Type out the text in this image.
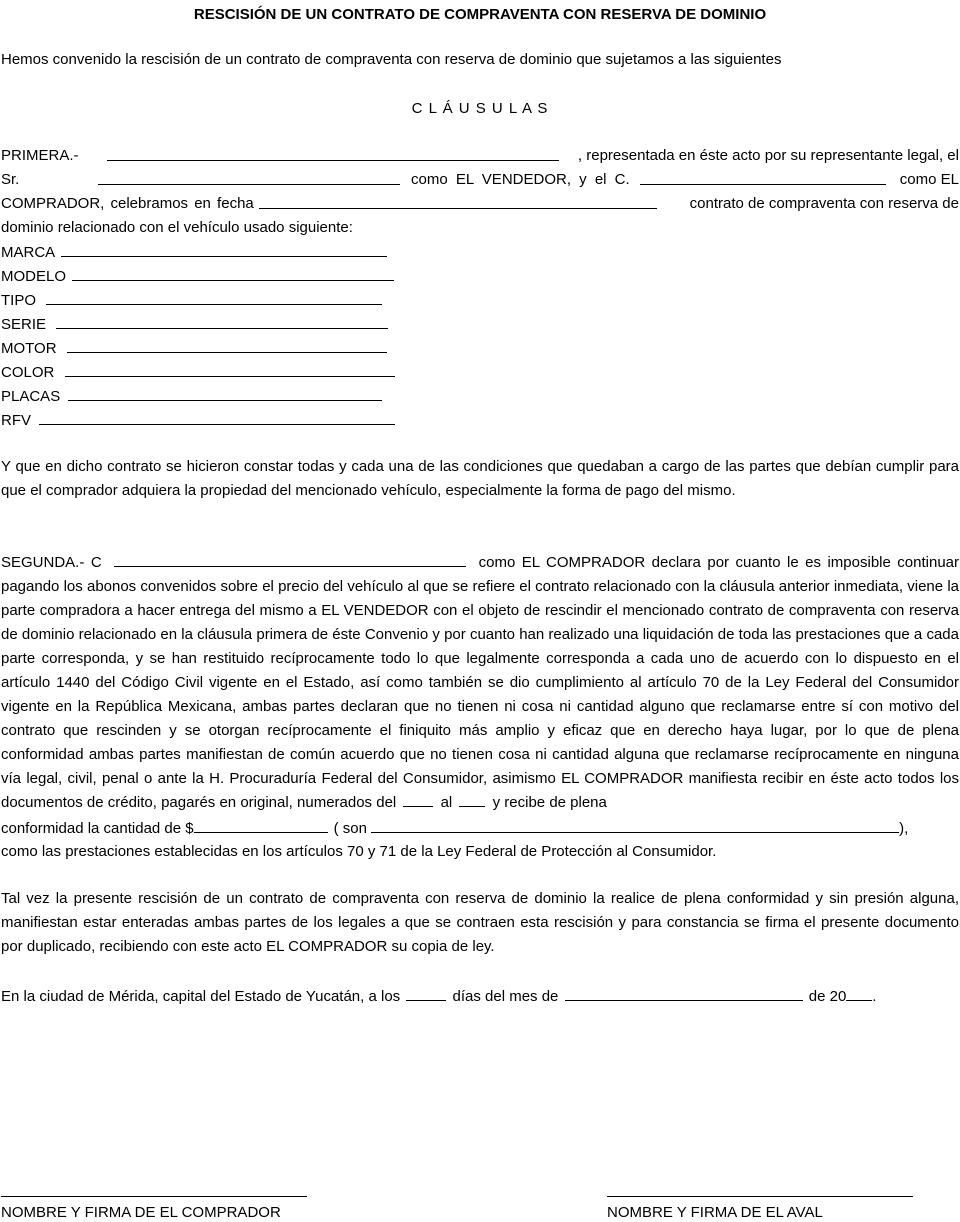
RESCISIÓN DE UN CONTRATO DE COMPRAVENTA CON RESERVA DE DOMINIO
Hemos convenido la rescisión de un contrato de compraventa con reserva de dominio que sujetamos a las siguientes
C L Á U S U L A S
PRIMERA.-	, representada en éste acto por su representante legal, el
Sr.	como EL VENDEDOR, y el C.	como EL
COMPRADOR, celebramos en fecha	contrato de compraventa con reserva de
dominio relacionado con el vehículo usado siguiente:
MARCA
MODELO
TIPO
SERIE
MOTOR
COLOR
PLACAS
RFV
Y que en dicho contrato se hicieron constar todas y cada una de las condiciones que quedaban a cargo de las partes que debían cumplir para que el comprador adquiera la propiedad del mencionado vehículo, especialmente la forma de pago del mismo.
SEGUNDA.- C	como EL COMPRADOR declara por cuanto le es imposible continuar pagando los abonos convenidos sobre el precio del vehículo al que se refiere el contrato relacionado con la cláusula anterior inmediata, viene la parte compradora a hacer entrega del mismo a EL VENDEDOR con el objeto de rescindir el mencionado contrato de compraventa con reserva de dominio relacionado en la cláusula primera de éste Convenio y por cuanto han realizado una liquidación de toda las prestaciones que a cada parte corresponda, y se han restituido recíprocamente todo lo que legalmente corresponda a cada uno de acuerdo con lo dispuesto en el artículo 1440 del Código Civil vigente en el Estado, así como también se dio cumplimiento al artículo 70 de la Ley Federal del Consumidor vigente en la República Mexicana, ambas partes declaran que no tienen ni cosa ni cantidad alguno que reclamarse entre sí con motivo del contrato que rescinden y se otorgan recíprocamente el finiquito más amplio y eficaz que en derecho haya lugar, por lo que de plena conformidad ambas partes manifiestan de común acuerdo que no tienen cosa ni cantidad alguna que reclamarse recíprocamente en ninguna vía legal, civil, penal o ante la H. Procuraduría Federal del Consumidor, asimismo EL COMPRADOR manifiesta recibir en éste acto todos los documentos de crédito, pagarés en original, numerados del	al	y recibe de plena
conformidad la cantidad de $	( son	),
como las prestaciones establecidas en los artículos 70 y 71 de la Ley Federal de Protección al Consumidor.
Tal vez la presente rescisión de un contrato de compraventa con reserva de dominio la realice de plena conformidad y sin presión alguna, manifiestan estar enteradas ambas partes de los legales a que se contraen esta rescisión y para constancia se firma el presente documento por duplicado, recibiendo con este acto EL COMPRADOR su copia de ley.
En la ciudad de Mérida, capital del Estado de Yucatán, a los	días del mes de	de 20 .
NOMBRE Y FIRMA DE EL COMPRADOR	NOMBRE Y FIRMA DE EL AVAL
